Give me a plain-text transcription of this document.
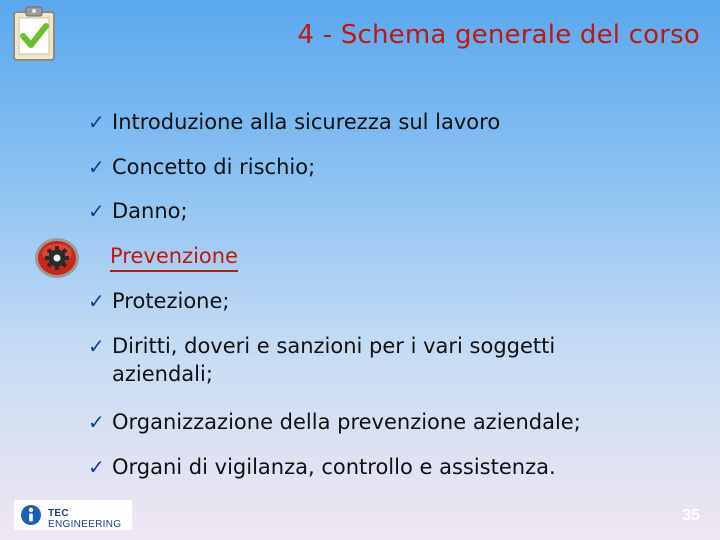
4 - Schema generale del corso
✓ Introduzione alla sicurezza sul lavoro
✓ Concetto di rischio;
✓ Danno;
Prevenzione
✓ Protezione;
✓ Diritti, doveri e sanzioni per i vari soggetti aziendali;
✓ Organizzazione della prevenzione aziendale;
✓ Organi di vigilanza, controllo e assistenza.
TEC ENGINEERING
35
